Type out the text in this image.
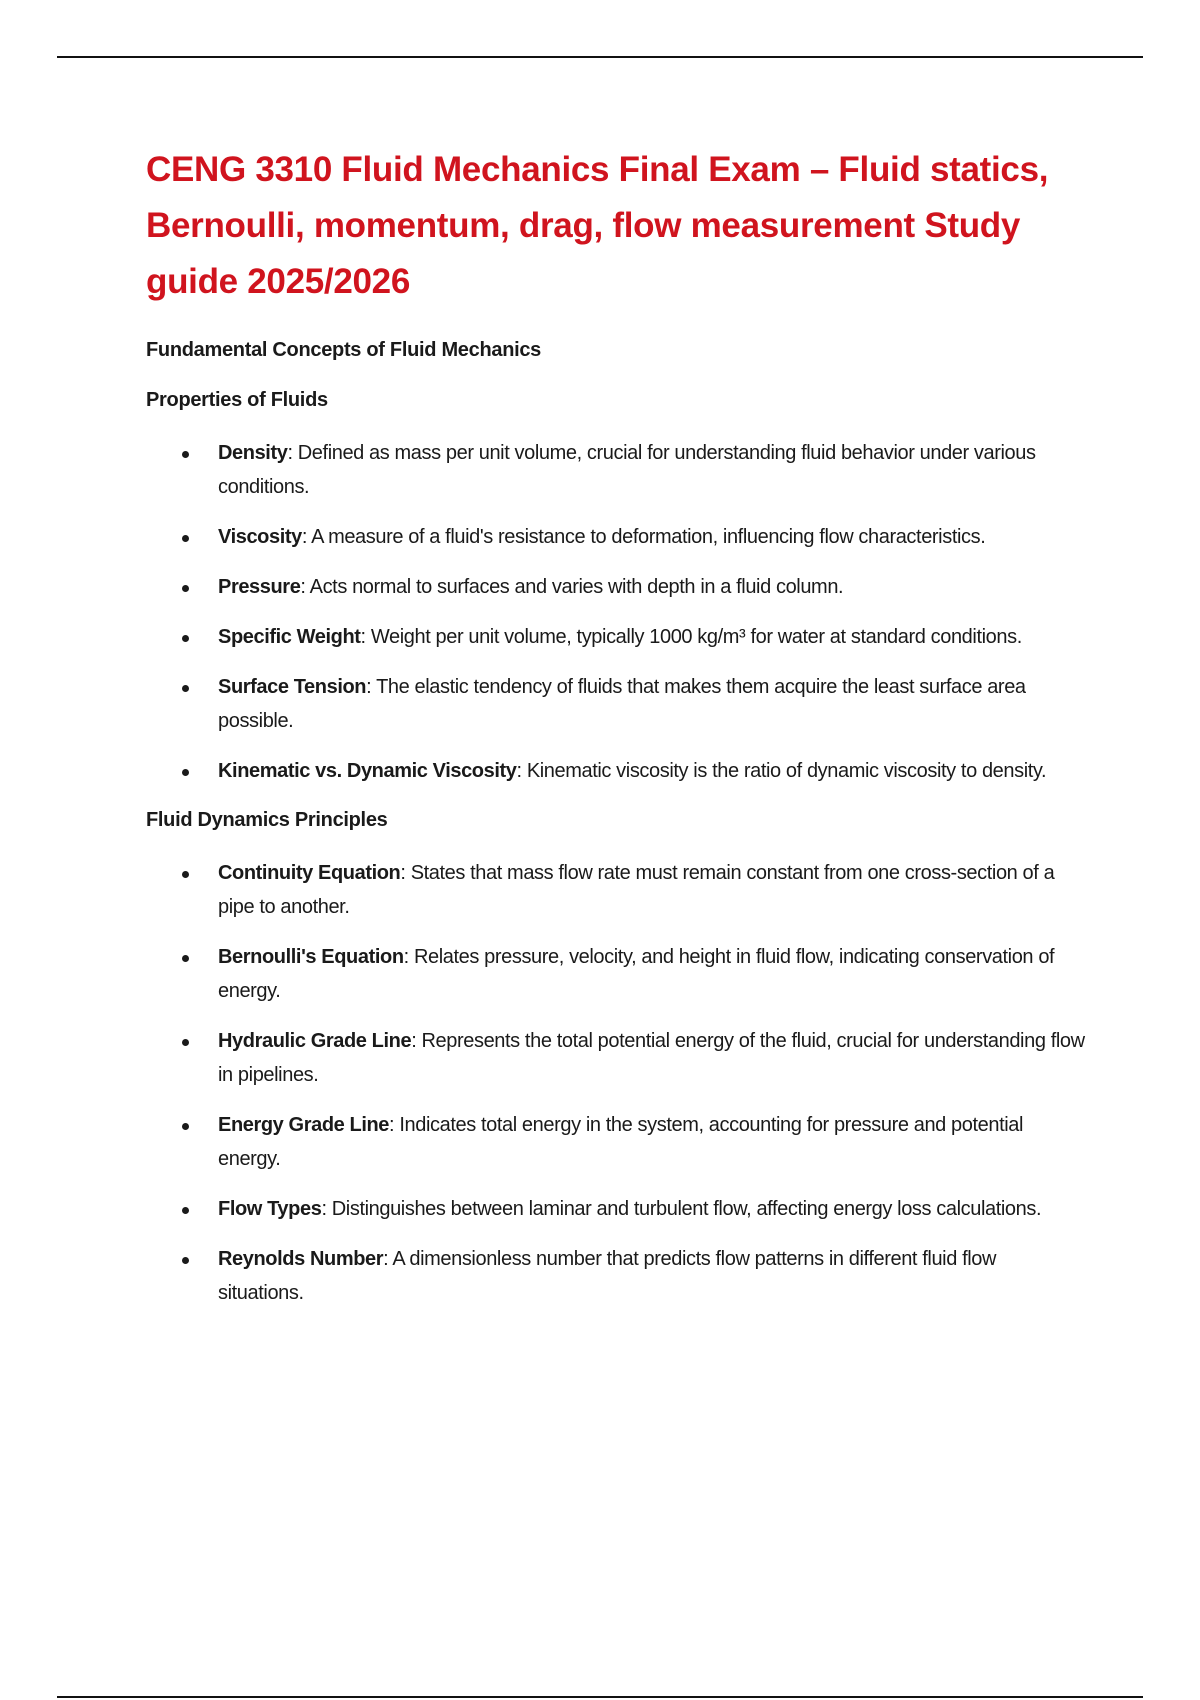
CENG 3310 Fluid Mechanics Final Exam – Fluid statics, Bernoulli, momentum, drag, flow measurement Study guide 2025/2026
Fundamental Concepts of Fluid Mechanics
Properties of Fluids
Density: Defined as mass per unit volume, crucial for understanding fluid behavior under various conditions.
Viscosity: A measure of a fluid's resistance to deformation, influencing flow characteristics.
Pressure: Acts normal to surfaces and varies with depth in a fluid column.
Specific Weight: Weight per unit volume, typically 1000 kg/m³ for water at standard conditions.
Surface Tension: The elastic tendency of fluids that makes them acquire the least surface area possible.
Kinematic vs. Dynamic Viscosity: Kinematic viscosity is the ratio of dynamic viscosity to density.
Fluid Dynamics Principles
Continuity Equation: States that mass flow rate must remain constant from one cross-section of a pipe to another.
Bernoulli's Equation: Relates pressure, velocity, and height in fluid flow, indicating conservation of energy.
Hydraulic Grade Line: Represents the total potential energy of the fluid, crucial for understanding flow in pipelines.
Energy Grade Line: Indicates total energy in the system, accounting for pressure and potential energy.
Flow Types: Distinguishes between laminar and turbulent flow, affecting energy loss calculations.
Reynolds Number: A dimensionless number that predicts flow patterns in different fluid flow situations.
